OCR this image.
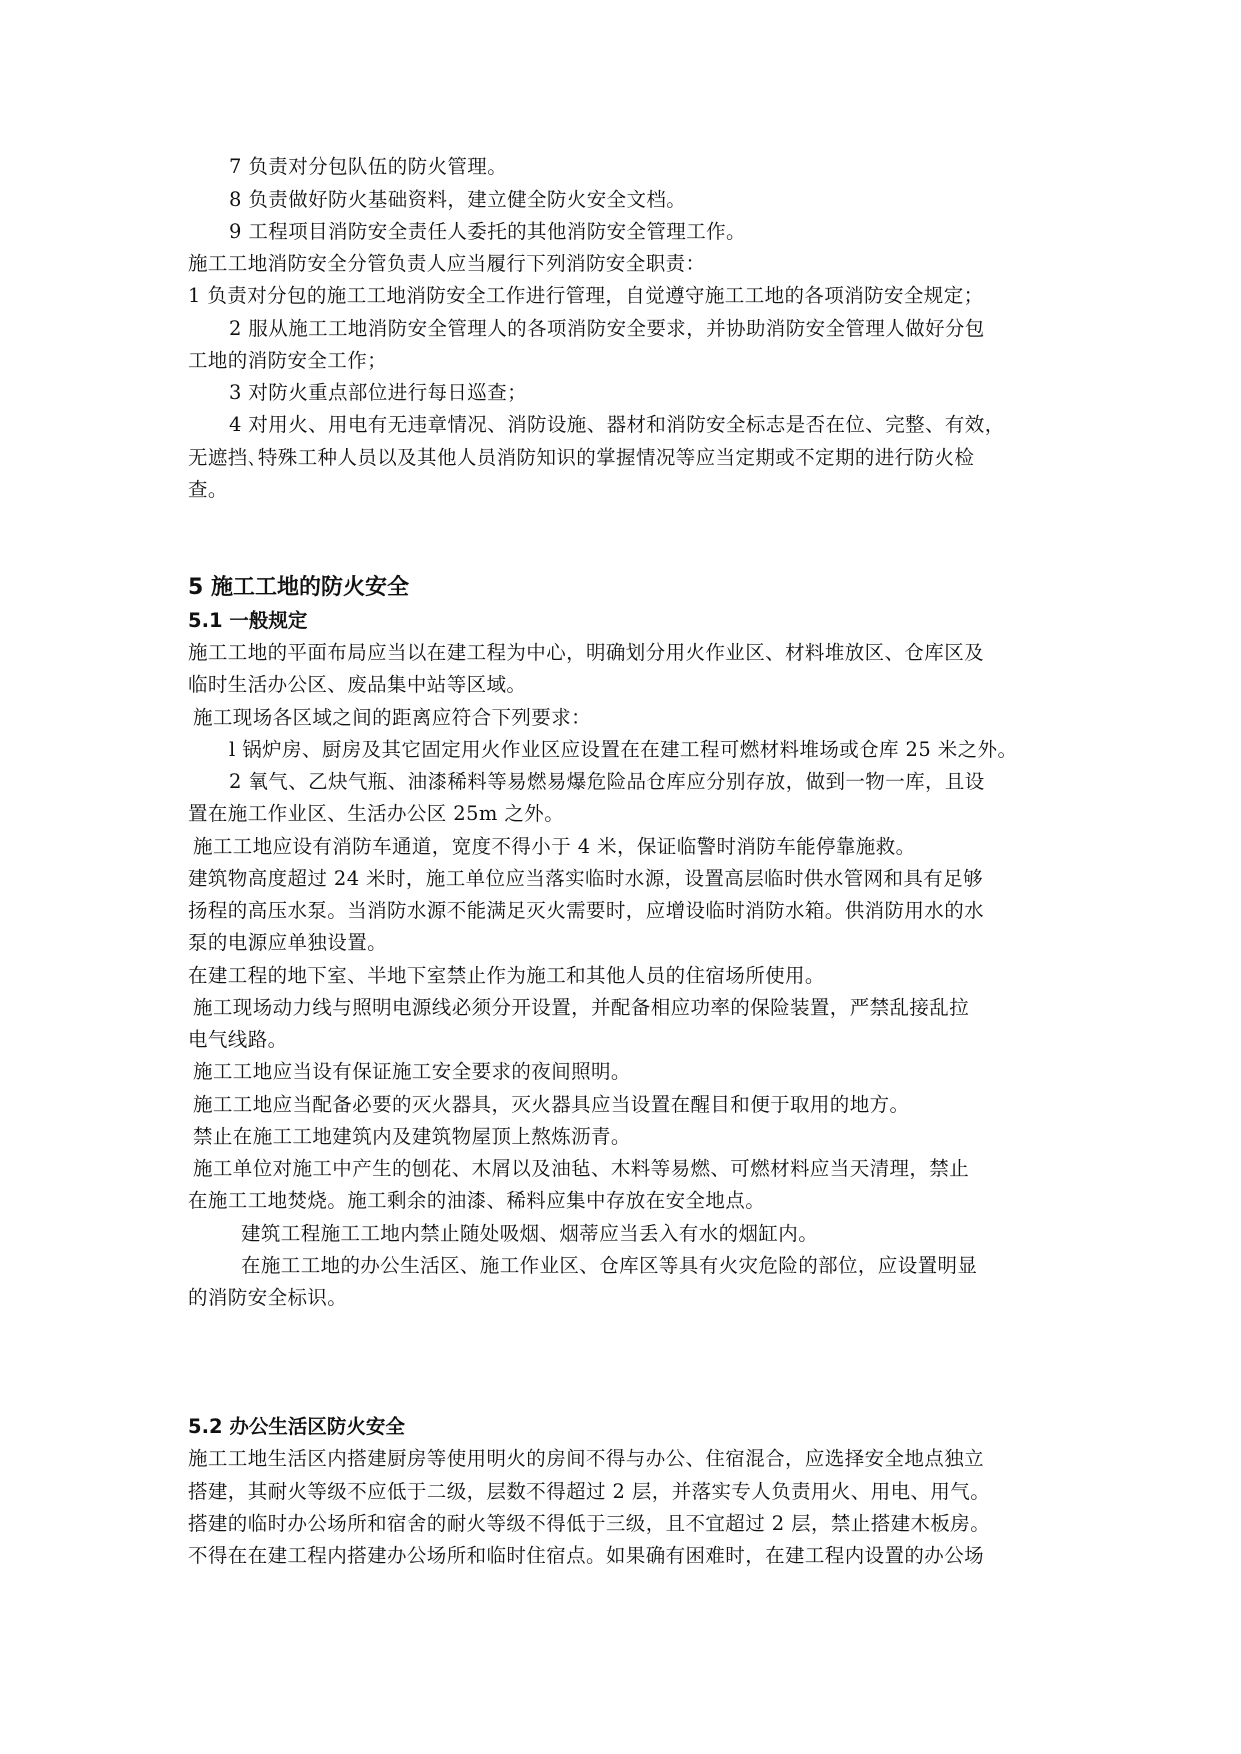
7 负责对分包队伍的防火管理。
8 负责做好防火基础资料，建立健全防火安全文档。
9 工程项目消防安全责任人委托的其他消防安全管理工作。
施工工地消防安全分管负责人应当履行下列消防安全职责：
1 负责对分包的施工工地消防安全工作进行管理，自觉遵守施工工地的各项消防安全规定；
2 服从施工工地消防安全管理人的各项消防安全要求，并协助消防安全管理人做好分包
工地的消防安全工作；
3 对防火重点部位进行每日巡查；
4 对用火、用电有无违章情况、消防设施、器材和消防安全标志是否在位、完整、有效，
无遮挡､特殊工种人员以及其他人员消防知识的掌握情况等应当定期或不定期的进行防火检
查。
5 施工工地的防火安全
5.1 一般规定
施工工地的平面布局应当以在建工程为中心，明确划分用火作业区、材料堆放区、仓库区及
临时生活办公区、废品集中站等区域。
施工现场各区域之间的距离应符合下列要求：
l 锅炉房、厨房及其它固定用火作业区应设置在在建工程可燃材料堆场或仓库 25 米之外。
2 氧气、乙炔气瓶、油漆稀料等易燃易爆危险品仓库应分别存放，做到一物一库，且设
置在施工作业区、生活办公区 25m 之外。
施工工地应设有消防车通道，宽度不得小于 4 米，保证临警时消防车能停靠施救。
建筑物高度超过 24 米时，施工单位应当落实临时水源，设置高层临时供水管网和具有足够
扬程的高压水泵。当消防水源不能满足灭火需要时，应增设临时消防水箱。供消防用水的水
泵的电源应单独设置。
在建工程的地下室、半地下室禁止作为施工和其他人员的住宿场所使用。
施工现场动力线与照明电源线必须分开设置，并配备相应功率的保险装置，严禁乱接乱拉
电气线路。
施工工地应当设有保证施工安全要求的夜间照明。
施工工地应当配备必要的灭火器具，灭火器具应当设置在醒目和便于取用的地方。
禁止在施工工地建筑内及建筑物屋顶上熬炼沥青。
施工单位对施工中产生的刨花、木屑以及油毡、木料等易燃、可燃材料应当天清理，禁止
在施工工地焚烧。施工剩余的油漆、稀料应集中存放在安全地点。
建筑工程施工工地内禁止随处吸烟、烟蒂应当丢入有水的烟缸内。
在施工工地的办公生活区、施工作业区、仓库区等具有火灾危险的部位，应设置明显
的消防安全标识。
5.2 办公生活区防火安全
施工工地生活区内搭建厨房等使用明火的房间不得与办公、住宿混合，应选择安全地点独立
搭建，其耐火等级不应低于二级，层数不得超过 2 层，并落实专人负责用火、用电、用气。
搭建的临时办公场所和宿舍的耐火等级不得低于三级，且不宜超过 2 层，禁止搭建木板房。
不得在在建工程内搭建办公场所和临时住宿点。如果确有困难时，在建工程内设置的办公场
